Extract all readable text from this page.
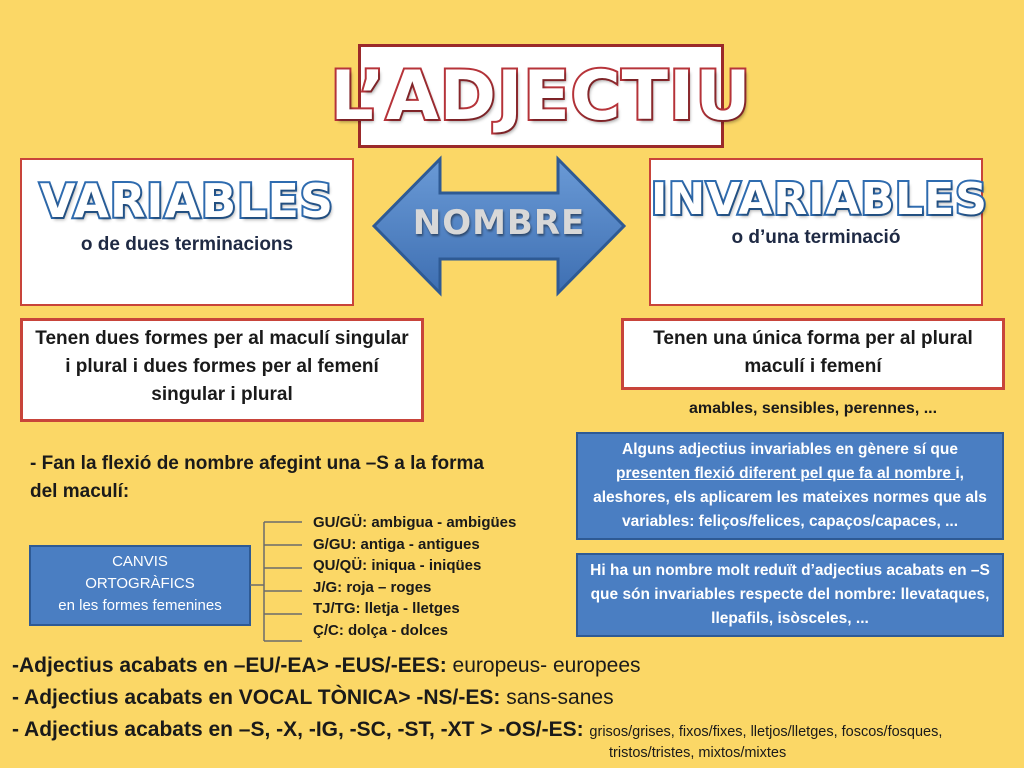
L’ADJECTIU
VARIABLES
o de dues terminacions
INVARIABLES
o d’una terminació
NOMBRE
Tenen dues formes per al maculí singular i plural i dues formes per al femení singular i plural
Tenen una única forma per al plural maculí i femení
amables, sensibles, perennes, ...
- Fan la flexió de nombre afegint una –S a la forma del maculí:
Alguns adjectius invariables en gènere sí que presenten flexió diferent pel que fa al nombre i, aleshores, els aplicarem les mateixes normes que als variables: feliços/felices, capaços/capaces, ...
Hi ha un nombre molt reduït d’adjectius acabats en –S que són invariables respecte del nombre: llevataques, llepafils, isòsceles, ...
CANVIS
ORTOGRÀFICS
en les formes femenines
GU/GÜ: ambigua - ambigües
G/GU: antiga - antigues
QU/QÜ: iniqua - iniqües
J/G: roja – roges
TJ/TG: lletja - lletges
Ç/C: dolça - dolces
-Adjectius acabats en –EU/-EA> -EUS/-EES: europeus- europees
- Adjectius acabats en VOCAL TÒNICA> -NS/-ES: sans-sanes
- Adjectius acabats en –S, -X, -IG, -SC, -ST, -XT > -OS/-ES: grisos/grises, fixos/fixes, lletjos/lletges, foscos/fosques,
tristos/tristes, mixtos/mixtes
